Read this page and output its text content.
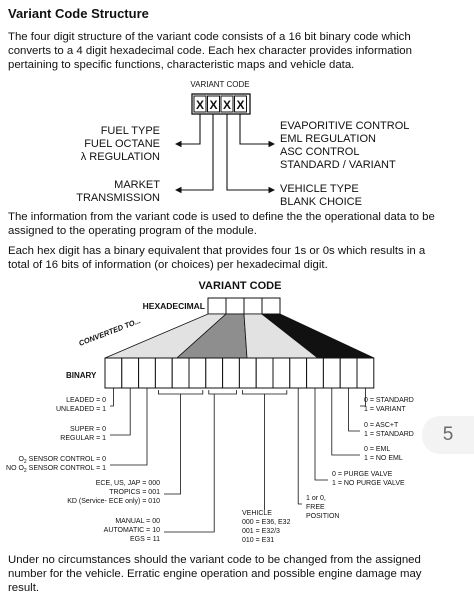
Variant Code Structure
The four digit structure of the variant code consists of a 16 bit binary code which converts to a 4 digit hexadecimal code. Each hex character provides information pertaining to specific functions, characteristic maps and vehicle data.
VARIANT CODE
X X X X
FUEL TYPE
FUEL OCTANE
λ REGULATION
MARKET
TRANSMISSION
EVAPORITIVE CONTROL
EML REGULATION
ASC CONTROL
STANDARD / VARIANT
VEHICLE TYPE
BLANK CHOICE
The information from the variant code is used to define the the operational data to be assigned to the operating program of the module.
Each hex digit has a binary equivalent that provides four 1s or 0s which results in a total of 16 bits of information (or choices) per hexadecimal digit.
VARIANT CODE
HEXADECIMAL
CONVERTED TO...
BINARY
LEADED = 0
UNLEADED = 1
SUPER = 0
REGULAR = 1
$O_2$ SENSOR CONTROL = 0
NO $O_2$ SENSOR CONTROL = 1
ECE, US, JAP = 000
TROPICS = 001
KD (Service- ECE only) = 010
MANUAL = 00
AUTOMATIC = 10
EGS = 11
VEHICLE
000 = E36, E32
001 = E32/3
010 = E31
0 = STANDARD
1 = VARIANT
0 = ASC+T
1 = STANDARD
0 = EML
1 = NO EML
0 = PURGE VALVE
1 = NO PURGE VALVE
1 or 0,
FREE
POSITION
Under no circumstances should the variant code to be changed from the assigned number for the vehicle. Erratic engine operation and possible engine damage may result.
5
